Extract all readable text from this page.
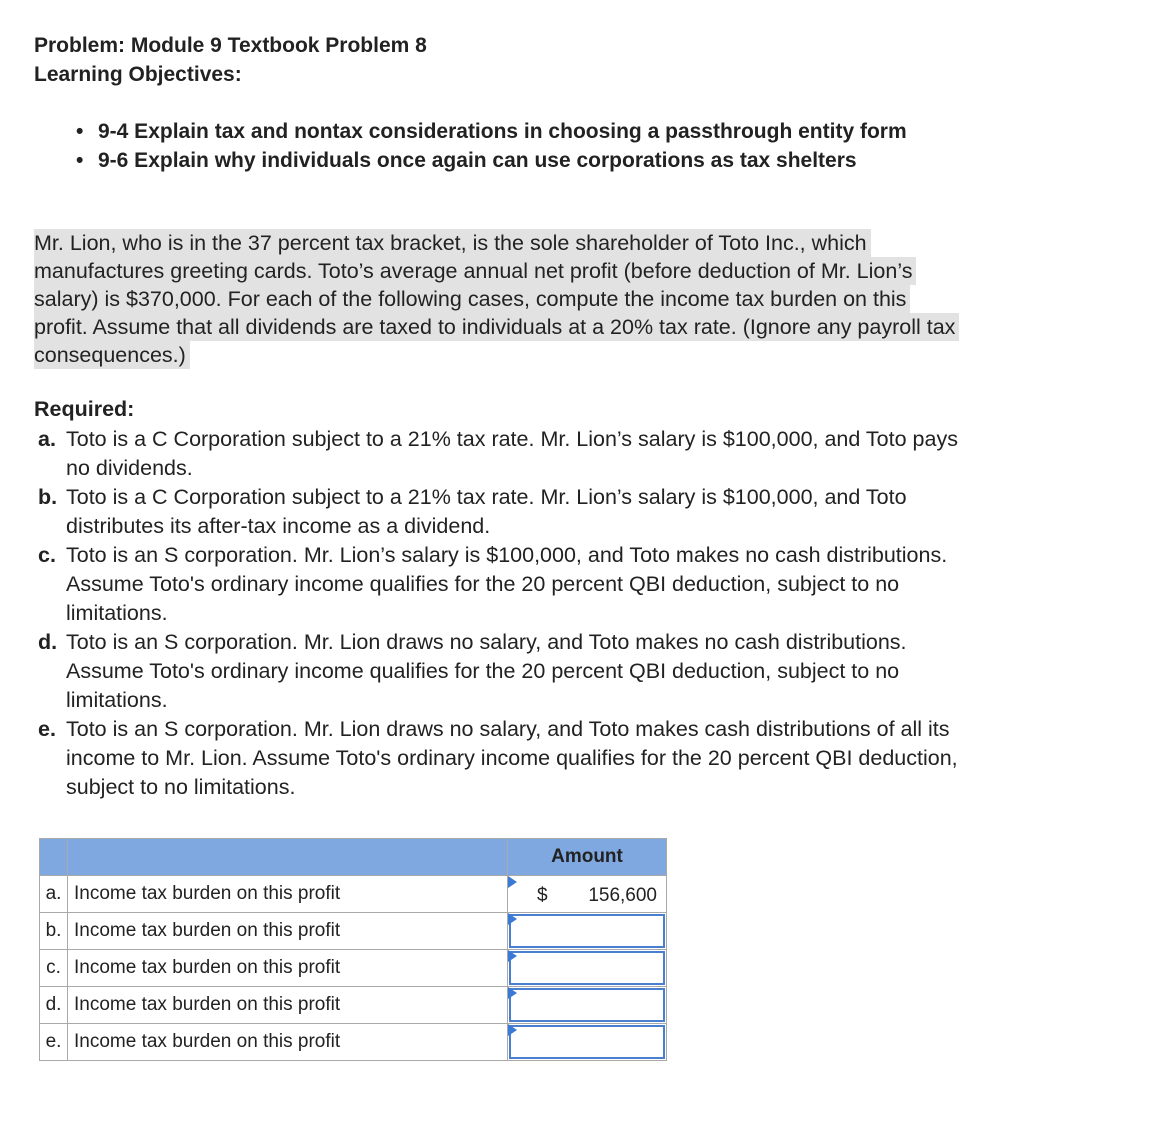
Problem: Module 9 Textbook Problem 8
Learning Objectives:
• 9-4 Explain tax and nontax considerations in choosing a passthrough entity form
• 9-6 Explain why individuals once again can use corporations as tax shelters
Mr. Lion, who is in the 37 percent tax bracket, is the sole shareholder of Toto Inc., which
manufactures greeting cards. Toto’s average annual net profit (before deduction of Mr. Lion’s
salary) is $370,000. For each of the following cases, compute the income tax burden on this
profit. Assume that all dividends are taxed to individuals at a 20% tax rate. (Ignore any payroll tax
consequences.)
Required:
a. Toto is a C Corporation subject to a 21% tax rate. Mr. Lion’s salary is $100,000, and Toto pays
no dividends.
b. Toto is a C Corporation subject to a 21% tax rate. Mr. Lion’s salary is $100,000, and Toto
distributes its after-tax income as a dividend.
c. Toto is an S corporation. Mr. Lion’s salary is $100,000, and Toto makes no cash distributions.
Assume Toto's ordinary income qualifies for the 20 percent QBI deduction, subject to no
limitations.
d. Toto is an S corporation. Mr. Lion draws no salary, and Toto makes no cash distributions.
Assume Toto's ordinary income qualifies for the 20 percent QBI deduction, subject to no
limitations.
e. Toto is an S corporation. Mr. Lion draws no salary, and Toto makes cash distributions of all its
income to Mr. Lion. Assume Toto's ordinary income qualifies for the 20 percent QBI deduction,
subject to no limitations.
		Amount
a.	Income tax burden on this profit	$ 156,600

b.	Income tax burden on this profit	

c.	Income tax burden on this profit	

d.	Income tax burden on this profit	

e.	Income tax burden on this profit	
